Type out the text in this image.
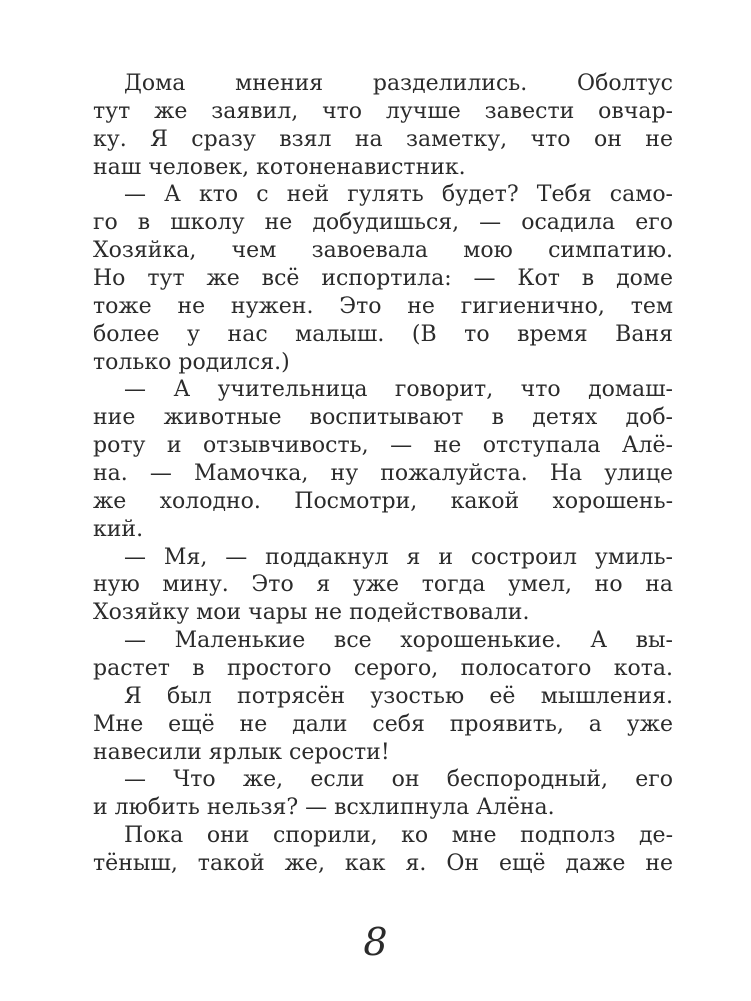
Дома мнения разделились. Оболтус
тут же заявил, что лучше завести овчар-
ку. Я сразу взял на заметку, что он не
наш человек, котоненавистник.
— А кто с ней гулять будет? Тебя само-
го в школу не добудишься, — осадила его
Хозяйка, чем завоевала мою симпатию.
Но тут же всё испортила: — Кот в доме
тоже не нужен. Это не гигиенично, тем
более у нас малыш. (В то время Ваня
только родился.)
— А учительница говорит, что домаш-
ние животные воспитывают в детях доб-
роту и отзывчивость, — не отступала Алё-
на. — Мамочка, ну пожалуйста. На улице
же холодно. Посмотри, какой хорошень-
кий.
— Мя, — поддакнул я и состроил умиль-
ную мину. Это я уже тогда умел, но на
Хозяйку мои чары не подействовали.
— Маленькие все хорошенькие. А вы-
растет в простого серого, полосатого кота.
Я был потрясён узостью её мышления.
Мне ещё не дали себя проявить, а уже
навесили ярлык серости!
— Что же, если он беспородный, его
и любить нельзя? — всхлипнула Алёна.
Пока они спорили, ко мне подполз де-
тёныш, такой же, как я. Он ещё даже не
8
